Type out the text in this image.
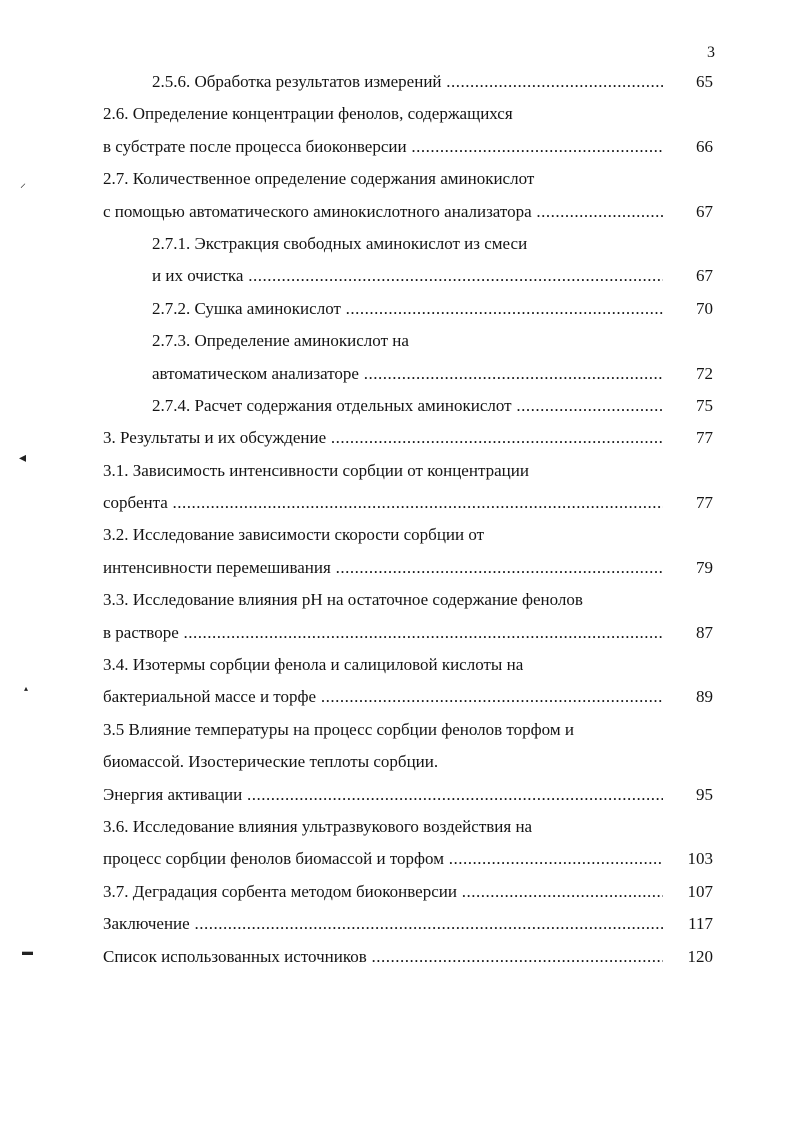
3
2.5.6. Обработка результатов измерений .....	65
2.6. Определение концентрации фенолов, содержащихся
в субстрате после процесса биоконверсии .....	66
2.7. Количественное определение содержания аминокислот
с помощью автоматического аминокислотного анализатора .....	67
2.7.1. Экстракция свободных аминокислот из смеси
и их очистка .....	67
2.7.2. Сушка аминокислот .....	70
2.7.3. Определение аминокислот на
автоматическом анализаторе .....	72
2.7.4. Расчет содержания отдельных аминокислот .....	75
3. Результаты и их обсуждение .....	77
3.1. Зависимость интенсивности сорбции от концентрации
сорбента .....	77
3.2. Исследование зависимости скорости сорбции от
интенсивности перемешивания .....	79
3.3. Исследование влияния pH на остаточное содержание фенолов
в растворе .....	87
3.4. Изотермы сорбции фенола и салициловой кислоты на
бактериальной массе и торфе .....	89
3.5 Влияние температуры на процесс сорбции фенолов торфом и
биомассой. Изостерические теплоты сорбции.
Энергия активации .....	95
3.6. Исследование влияния ультразвукового воздействия на
процесс сорбции фенолов биомассой и торфом .....	103
3.7. Деградация сорбента методом биоконверсии .....	107
Заключение .....	117
Список использованных источников .....	120
⸝
◂
▴
▬
